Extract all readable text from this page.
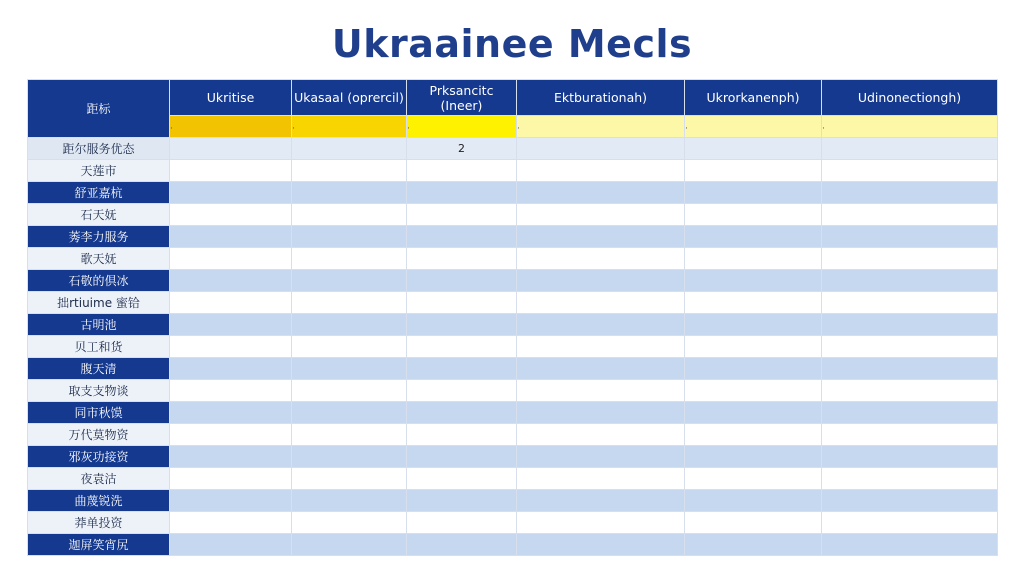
Ukraainee Mecls
距标	Ukritise	Ukasaal (oprercil)	Prksancitc (Ineer)	Ektburationah)	Ukrorkanenph)	Udinonectiongh)
	·	·	·	·	·	·
距尔服务优态			2			
天莲市						
舒亚嘉杭						
石天妩						
莠李力服务						
歌天妩						
石敬的倶冰						
拙rtiuime 蜜铪						
古明池						
贝工和货						
腹天清						
取支支物谈						
同市秋馍						
万代莫物资						
邪灰功接资						
夜袁沽						
曲蔑锐洗						
莽单投资						
迦屏笑宵尻						
